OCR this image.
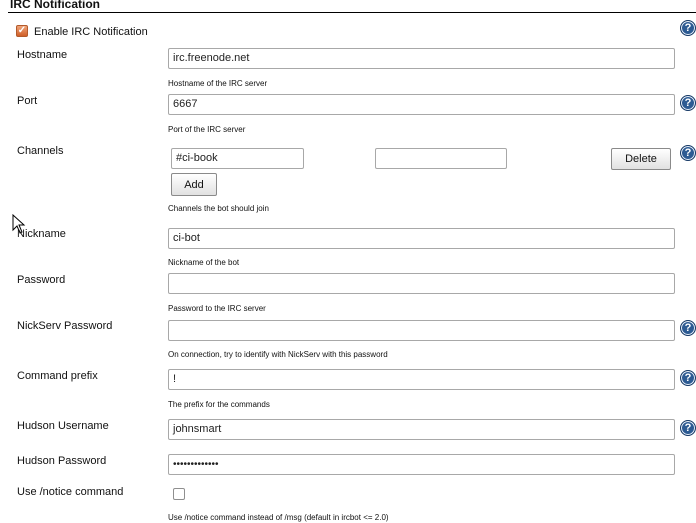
IRC Notification
✓ Enable IRC Notification	?
Hostname	irc.freenode.net
Hostname of the IRC server
Port	6667	?
Port of the IRC server
Channels
#ci-book	Delete	?
Add
Channels the bot should join
Nickname	ci-bot
Nickname of the bot
Password
Password to the IRC server
NickServ Password	?
On connection, try to identify with NickServ with this password
Command prefix	!	?
The prefix for the commands
Hudson Username	johnsmart	?
Hudson Password	•••••••••••••
Use /notice command
Use /notice command instead of /msg (default in ircbot <= 2.0)
